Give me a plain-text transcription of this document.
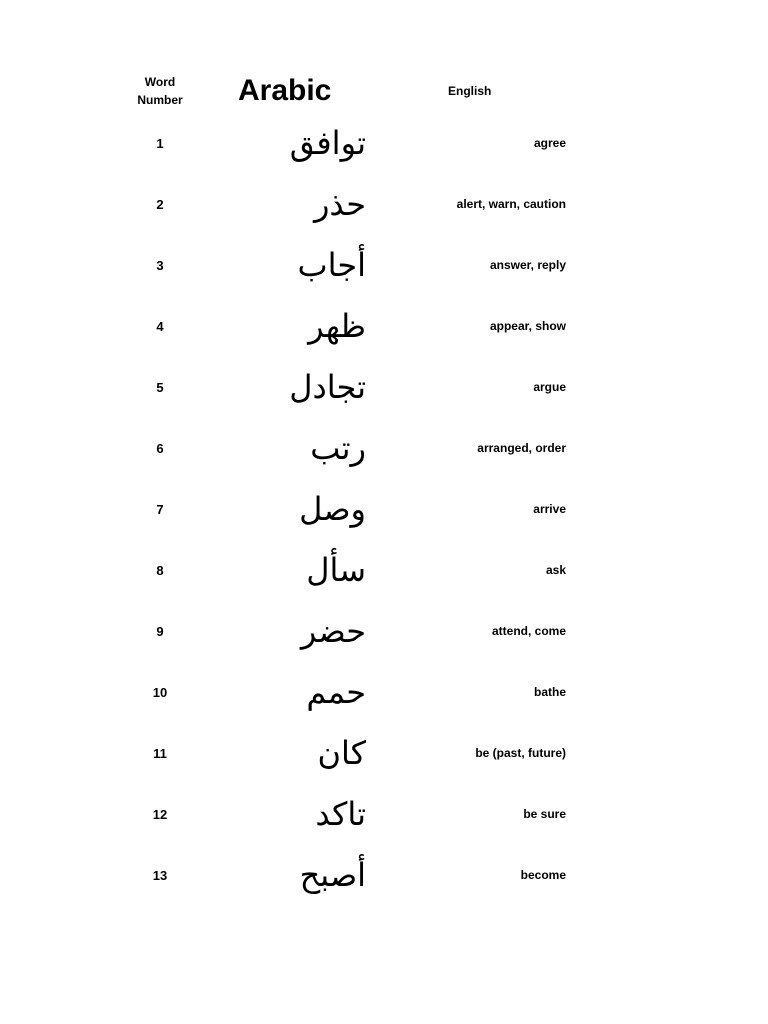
Word
Number	Arabic	English
1	توافق	agree
2	حذر	alert, warn, caution
3	أجاب	answer, reply
4	ظهر	appear, show
5	تجادل	argue
6	رتب	arranged, order
7	وصل	arrive
8	سأل	ask
9	حضر	attend, come
10	حمم	bathe
11	كان	be (past, future)
12	تاكد	be sure
13	أصبح	become
